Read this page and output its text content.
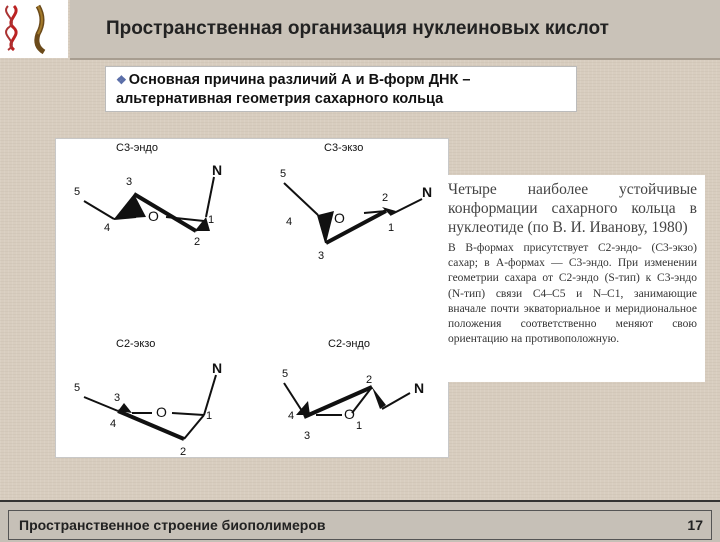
Пространственная организация нуклеиновых кислот
❖ Основная причина различий А и В-форм ДНК –
альтернативная геометрия сахарного кольца
С3-эндо
5
3
4
O	1
2
N
С3-экзо
5
4	O
2
1
3
N
С2-экзо
5
3
4
O	1
2
N
С2-эндо
5
4
3
O
2
1
N
Четыре наиболее устойчивые конформации сахарного кольца в нуклеотиде (по В. И. Иванову, 1980)
В B-формах присутствует С2-эндо- (С3-экзо) сахар; в A-формах — С3-эндо. При изменении геометрии сахара от С2-эндо (S-тип) к С3-эндо (N-тип) связи С4–С5 и N–C1, занимающие вначале почти экваториальное и меридиональное положения соответственно меняют свою ориентацию на противоположную.
Пространственное строение биополимеров	17
